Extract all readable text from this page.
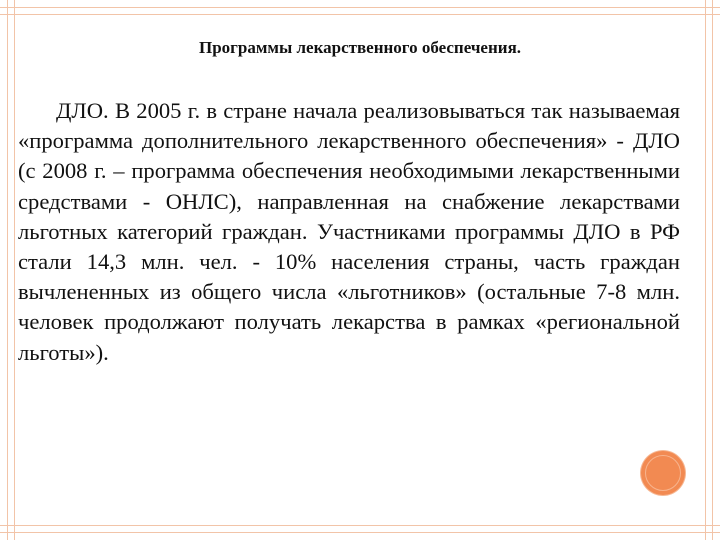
Программы лекарственного обеспечения.

ДЛО. В 2005 г. в стране начала реализовываться так называемая «программа дополнительного лекарственного обеспечения» - ДЛО (с 2008 г. – программа обеспечения необходимыми лекарственными средствами - ОНЛС), направленная на снабжение лекарствами льготных категорий граждан. Участниками программы ДЛО в РФ стали 14,3 млн. чел. - 10% населения страны, часть граждан вычлененных из общего числа «льготников» (остальные 7-8 млн. человек продолжают получать лекарства в рамках «региональной льготы»).
